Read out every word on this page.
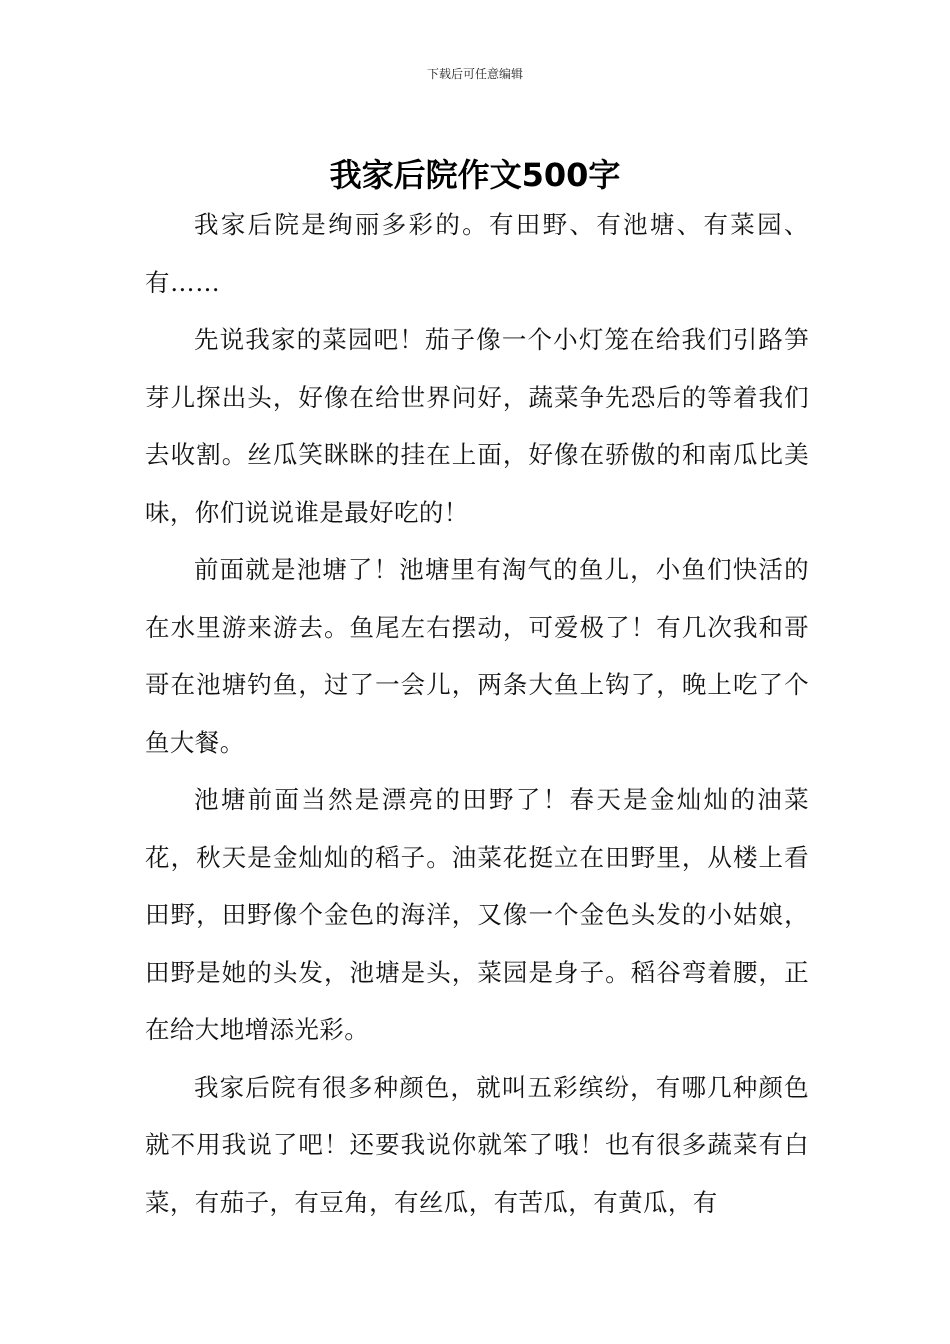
下载后可任意编辑
我家后院作文500字

我家后院是绚丽多彩的。有田野、有池塘、有菜园、有……

先说我家的菜园吧！茄子像一个小灯笼在给我们引路笋芽儿探出头，好像在给世界问好，蔬菜争先恐后的等着我们去收割。丝瓜笑眯眯的挂在上面，好像在骄傲的和南瓜比美味，你们说说谁是最好吃的！

前面就是池塘了！池塘里有淘气的鱼儿，小鱼们快活的在水里游来游去。鱼尾左右摆动，可爱极了！有几次我和哥哥在池塘钓鱼，过了一会儿，两条大鱼上钩了，晚上吃了个鱼大餐。

池塘前面当然是漂亮的田野了！春天是金灿灿的油菜花，秋天是金灿灿的稻子。油菜花挺立在田野里，从楼上看田野，田野像个金色的海洋，又像一个金色头发的小姑娘，田野是她的头发，池塘是头，菜园是身子。稻谷弯着腰，正在给大地增添光彩。

我家后院有很多种颜色，就叫五彩缤纷，有哪几种颜色就不用我说了吧！还要我说你就笨了哦！也有很多蔬菜有白菜，有茄子，有豆角，有丝瓜，有苦瓜，有黄瓜，有
